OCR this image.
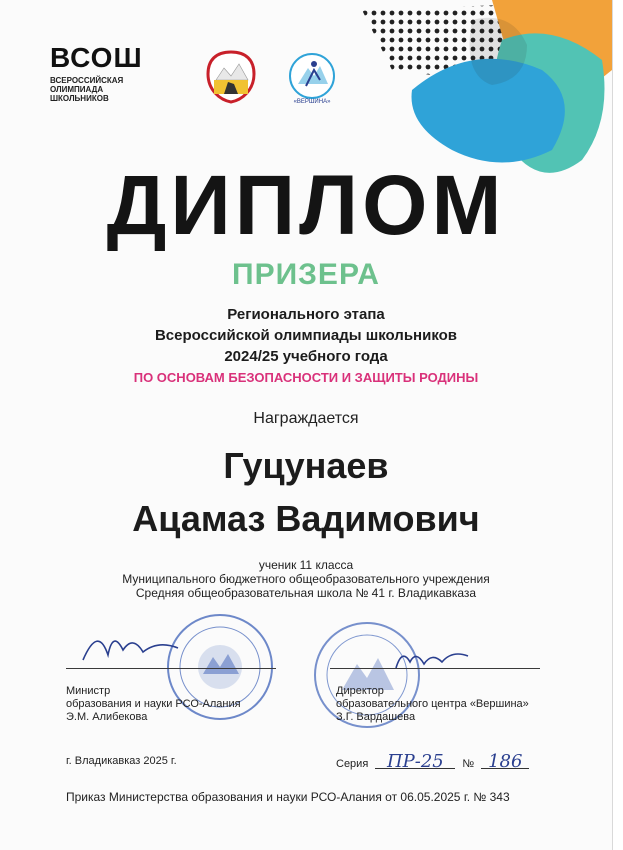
ВСОШ
ВСЕРОССИЙСКАЯ
ОЛИМПИАДА
ШКОЛЬНИКОВ	«ВЕРШИНА»
ДИПЛОМ
ПРИЗЕРА
Регионального этапа
Всероссийской олимпиады школьников
2024/25 учебного года
ПО ОСНОВАМ БЕЗОПАСНОСТИ И ЗАЩИТЫ РОДИНЫ
Награждается
Гуцунаев
Ацамаз Вадимович
ученик 11 класса
Муниципального бюджетного общеобразовательного учреждения
Средняя общеобразовательная школа № 41 г. Владикавказа
Министр
образования и науки РСО-Алания
Э.М. Алибекова
Директор
образовательного центра «Вершина»
З.Г. Вардашева
г. Владикавказ 2025 г.	Серия ПР-25 № 186
Приказ Министерства образования и науки РСО-Алания от 06.05.2025 г. № 343
